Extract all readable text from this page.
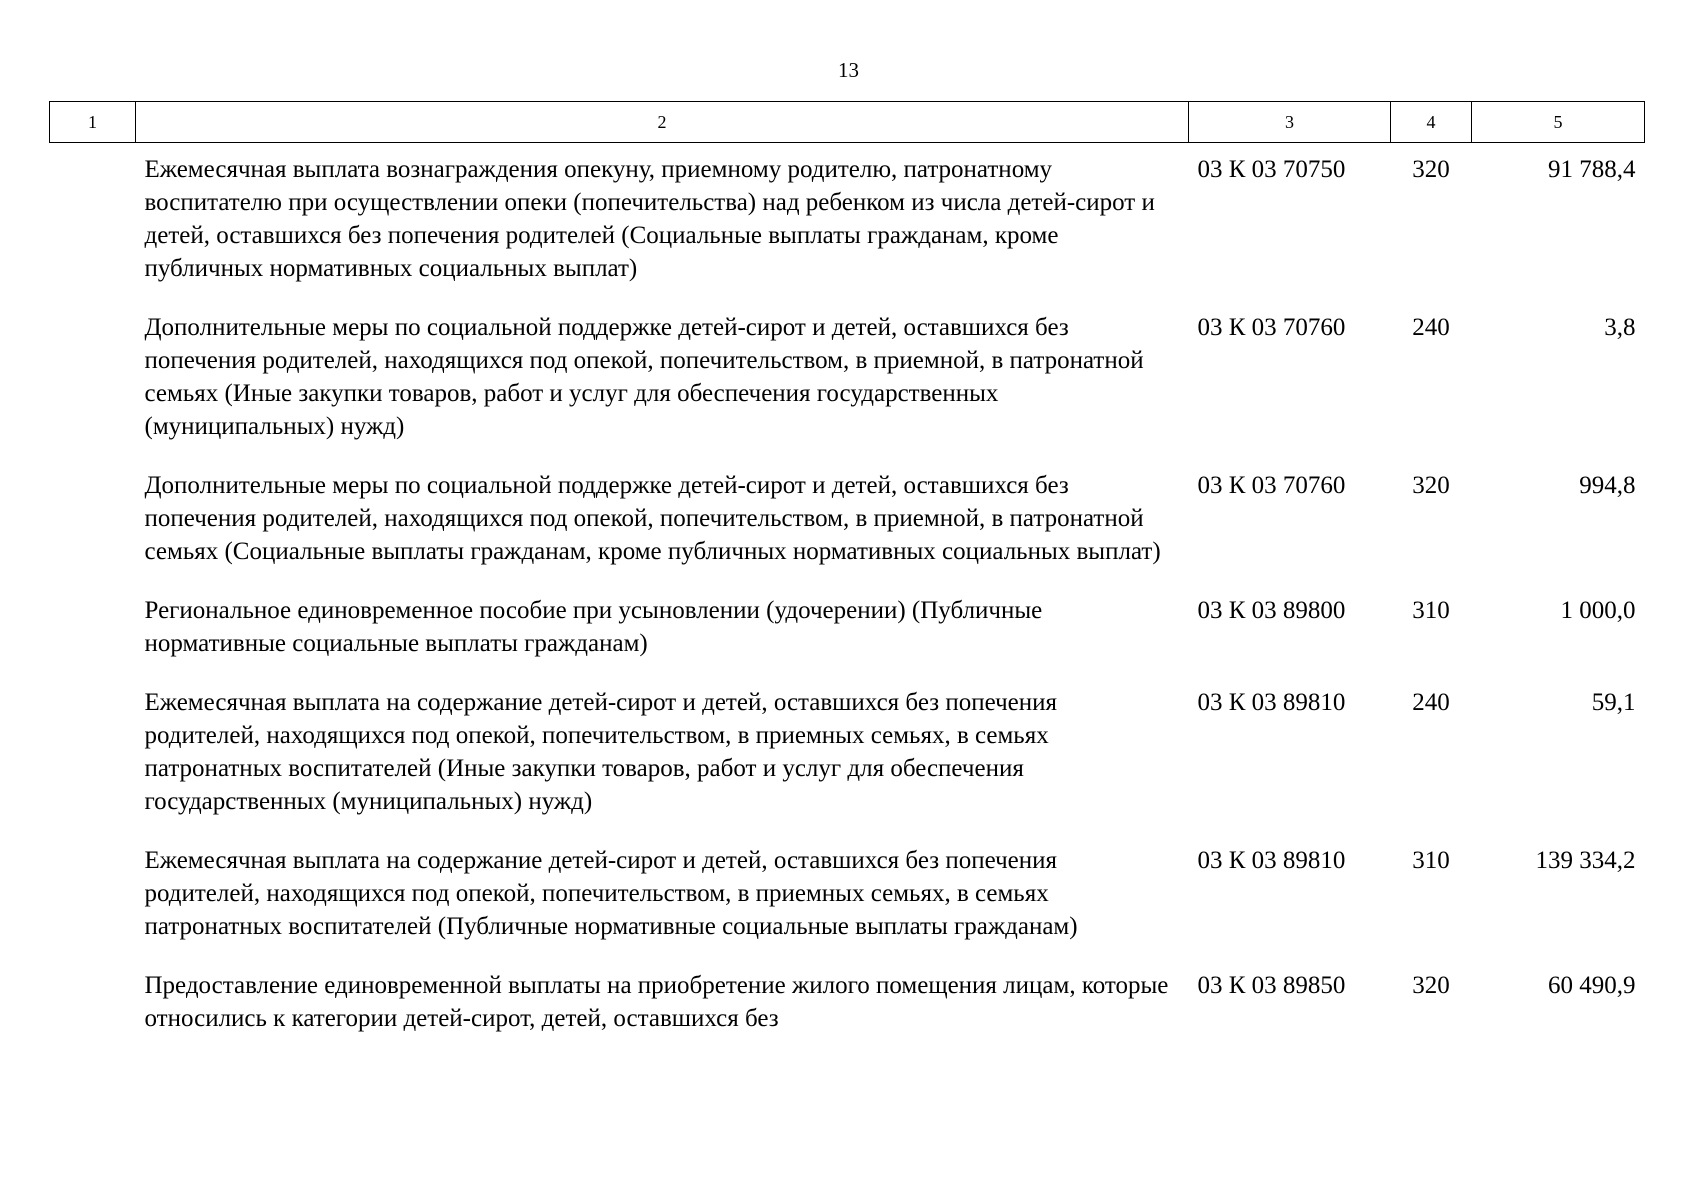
13
1	2	3	4	5
	Ежемесячная выплата вознаграждения опекуну, приемному родителю, патронатному воспитателю при осуществлении опеки (попечительства) над ребенком из числа детей-сирот и детей, оставшихся без попечения родителей (Социальные выплаты гражданам, кроме публичных нормативных социальных выплат)	03 К 03 70750	320	91 788,4
	Дополнительные меры по социальной поддержке детей-сирот и детей, оставшихся без попечения родителей, находящихся под опекой, попечительством, в приемной, в патронатной семьях (Иные закупки товаров, работ и услуг для обеспечения государственных (муниципальных) нужд)	03 К 03 70760	240	3,8
	Дополнительные меры по социальной поддержке детей-сирот и детей, оставшихся без попечения родителей, находящихся под опекой, попечительством, в приемной, в патронатной семьях (Социальные выплаты гражданам, кроме публичных нормативных социальных выплат)	03 К 03 70760	320	994,8
	Региональное единовременное пособие при усыновлении (удочерении) (Публичные нормативные социальные выплаты гражданам)	03 К 03 89800	310	1 000,0
	Ежемесячная выплата на содержание детей-сирот и детей, оставшихся без попечения родителей, находящихся под опекой, попечительством, в приемных семьях, в семьях патронатных воспитателей (Иные закупки товаров, работ и услуг для обеспечения государственных (муниципальных) нужд)	03 К 03 89810	240	59,1
	Ежемесячная выплата на содержание детей-сирот и детей, оставшихся без попечения родителей, находящихся под опекой, попечительством, в приемных семьях, в семьях патронатных воспитателей (Публичные нормативные социальные выплаты гражданам)	03 К 03 89810	310	139 334,2
	Предоставление единовременной выплаты на приобретение жилого помещения лицам, которые относились к категории детей-сирот, детей, оставшихся без	03 К 03 89850	320	60 490,9
